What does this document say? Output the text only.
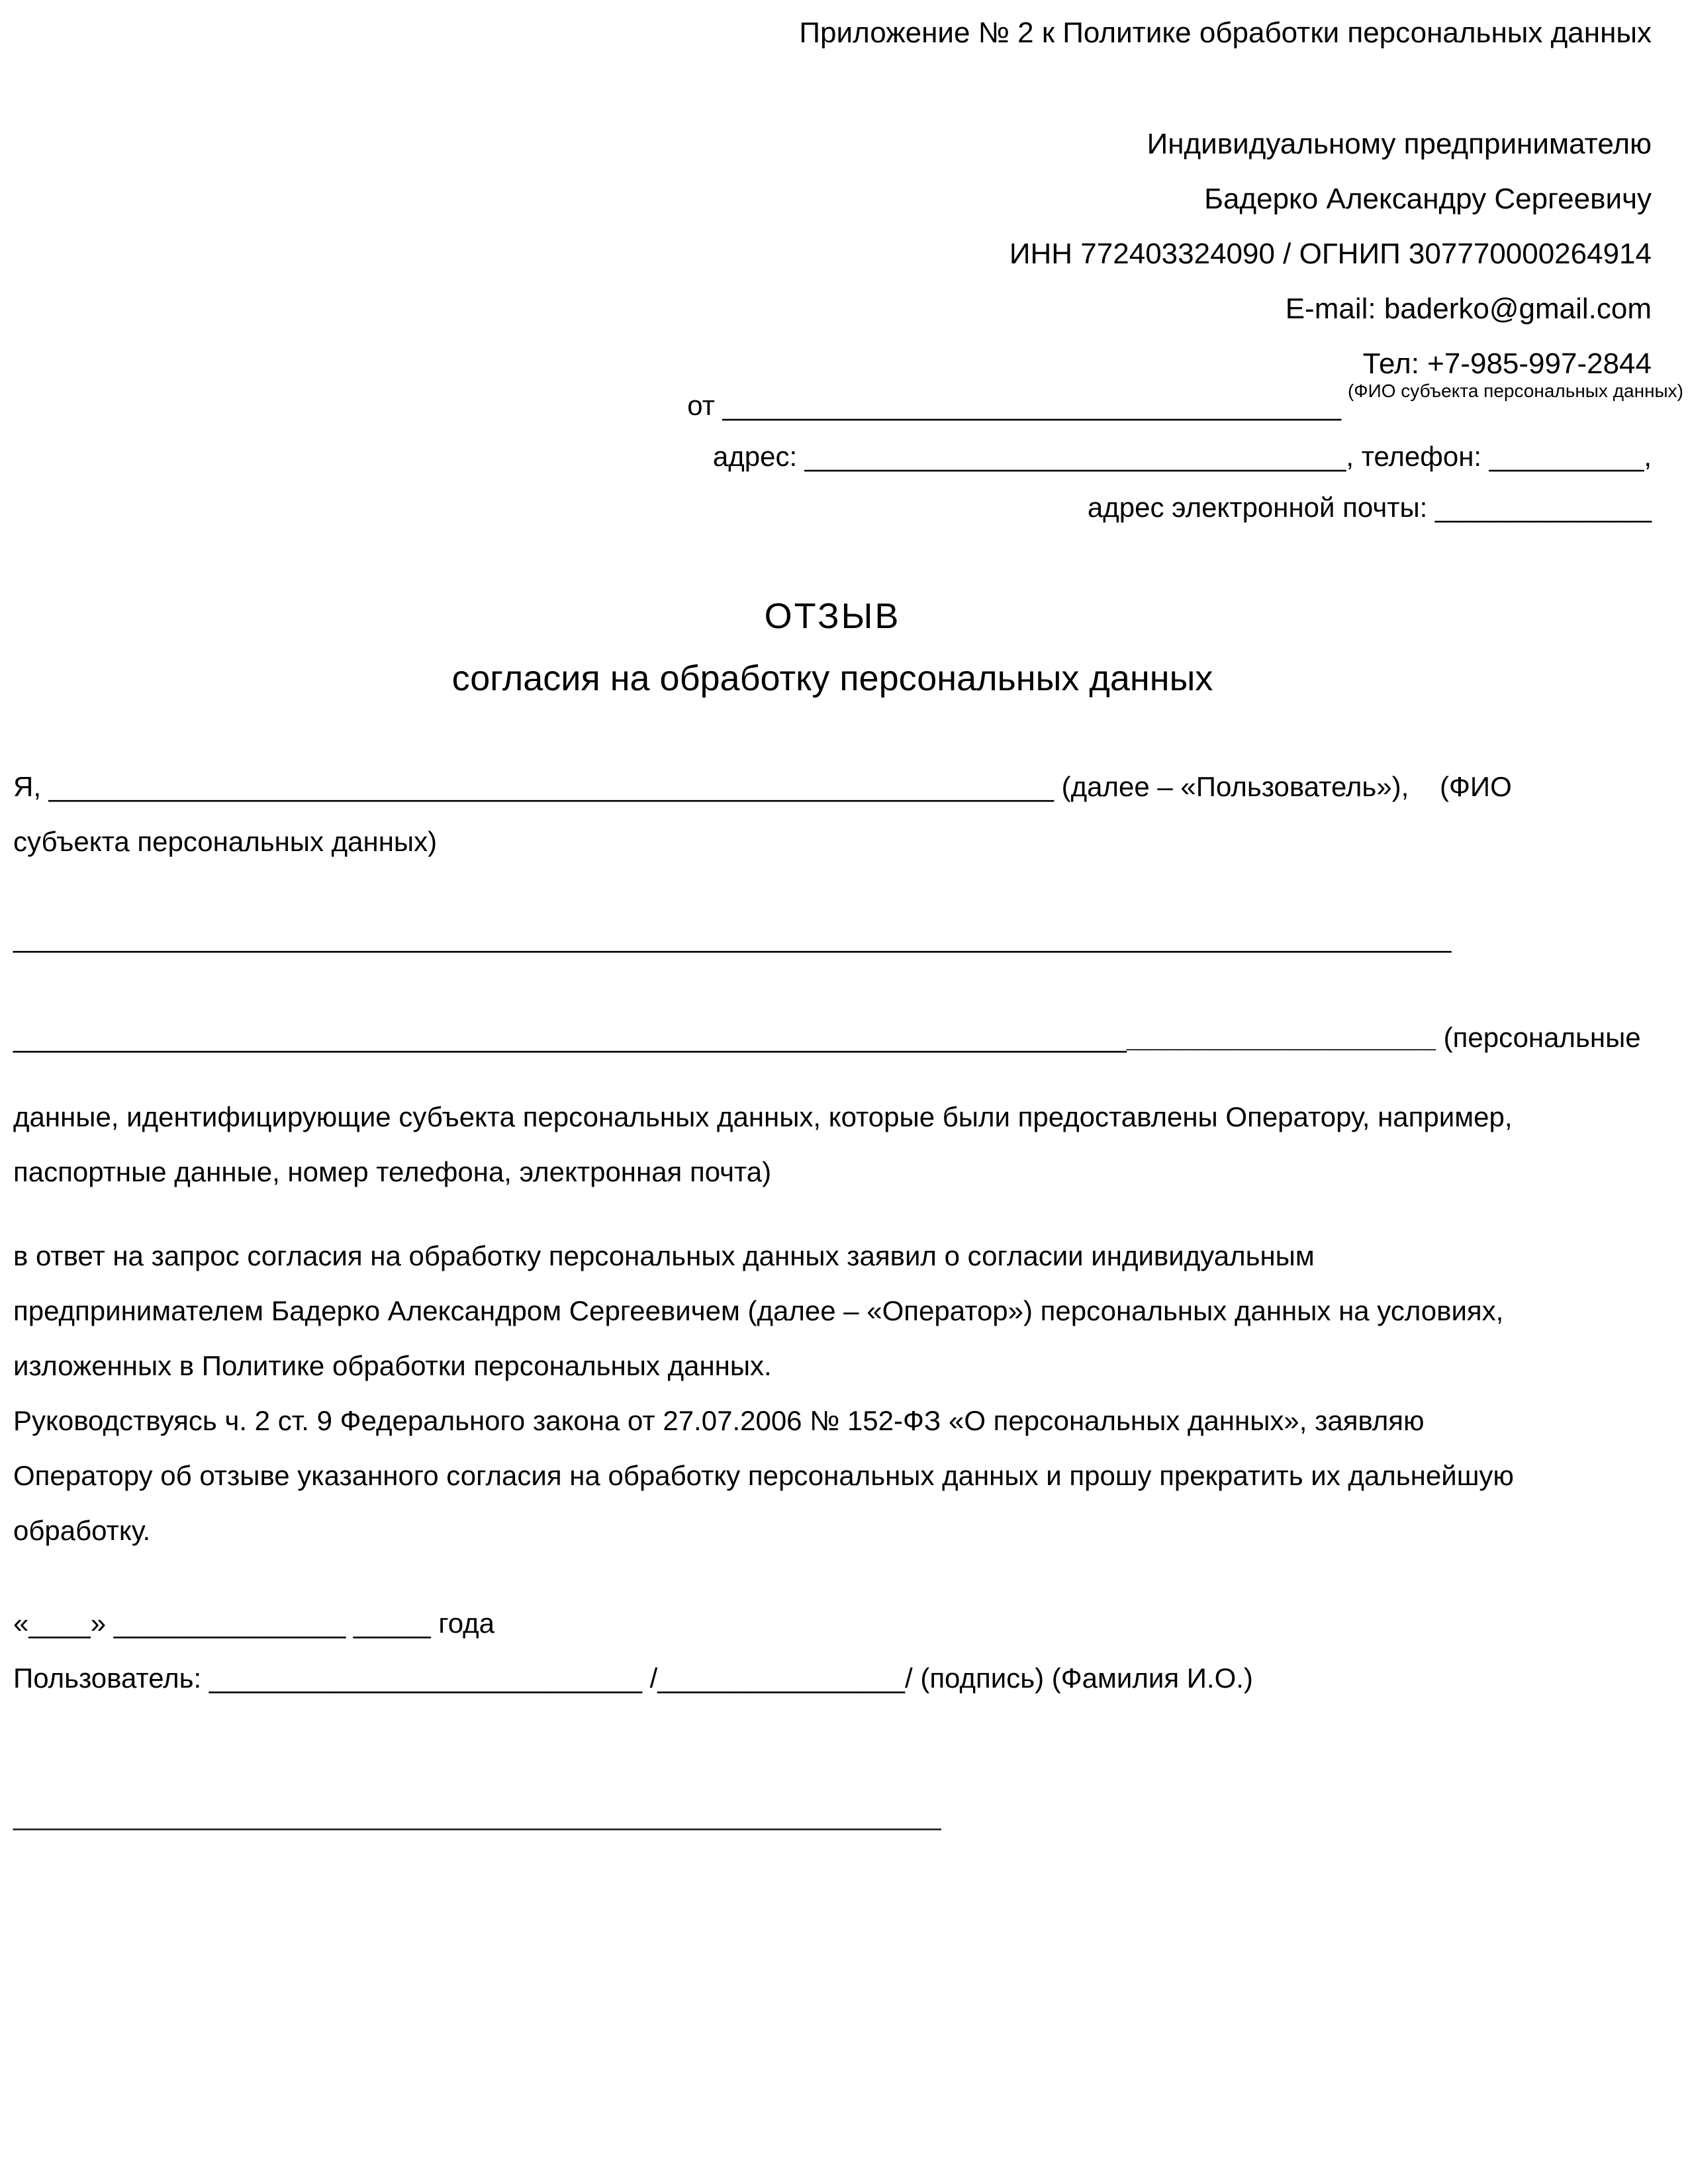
Приложение № 2 к Политике обработки персональных данных
Индивидуальному предпринимателю
Бадерко Александру Сергеевичу
ИНН 772403324090 / ОГНИП 307770000264914
E-mail: baderko@gmail.com
Тел: +7-985-997-2844
от ________________________________________ (ФИО субъекта персональных данных)
адрес: ___________________________________, телефон: __________,
адрес электронной почты: ______________
ОТЗЫВ
согласия на обработку персональных данных
Я, _________________________________________________________________ (далее – «Пользователь»),    (ФИО
субъекта персональных данных)
_____________________________________________________________________________________________
____________________________________________________________________________________________ (персональные
данные, идентифицирующие субъекта персональных данных, которые были предоставлены Оператору, например,
паспортные данные, номер телефона, электронная почта)
в ответ на запрос согласия на обработку персональных данных заявил о согласии индивидуальным
предпринимателем Бадерко Александром Сергеевичем (далее – «Оператор») персональных данных на условиях,
изложенных в Политике обработки персональных данных.
Руководствуясь ч. 2 ст. 9 Федерального закона от 27.07.2006 № 152-ФЗ «О персональных данных», заявляю
Оператору об отзыве указанного согласия на обработку персональных данных и прошу прекратить их дальнейшую
обработку.
«____» _______________ _____ года
Пользователь: ____________________________ /________________/ (подпись) (Фамилия И.О.)
____________________________________________________________
